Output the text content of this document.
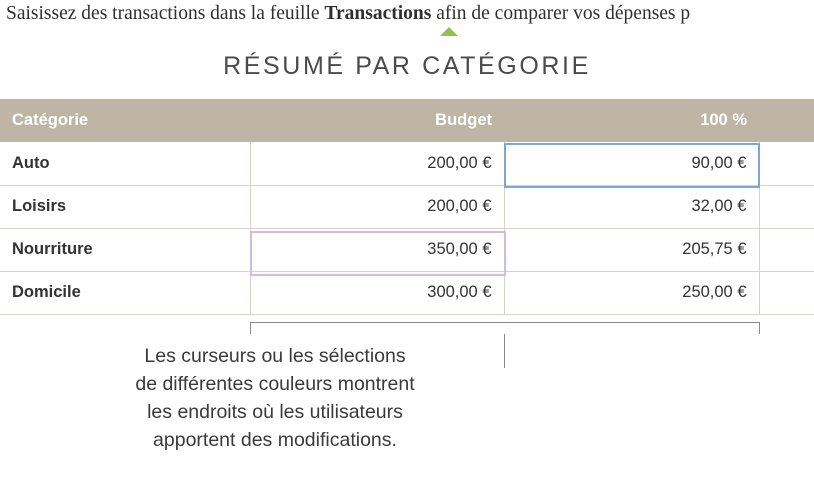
Saisissez des transactions dans la feuille Transactions afin de comparer vos dépenses p
RÉSUMÉ PAR CATÉGORIE
Catégorie	Budget	100 %	
Auto	200,00 €	90,00 €	
Loisirs	200,00 €	32,00 €	
Nourriture	350,00 €	205,75 €	
Domicile	300,00 €	250,00 €	
Les curseurs ou les sélections
de différentes couleurs montrent
les endroits où les utilisateurs
apportent des modifications.
